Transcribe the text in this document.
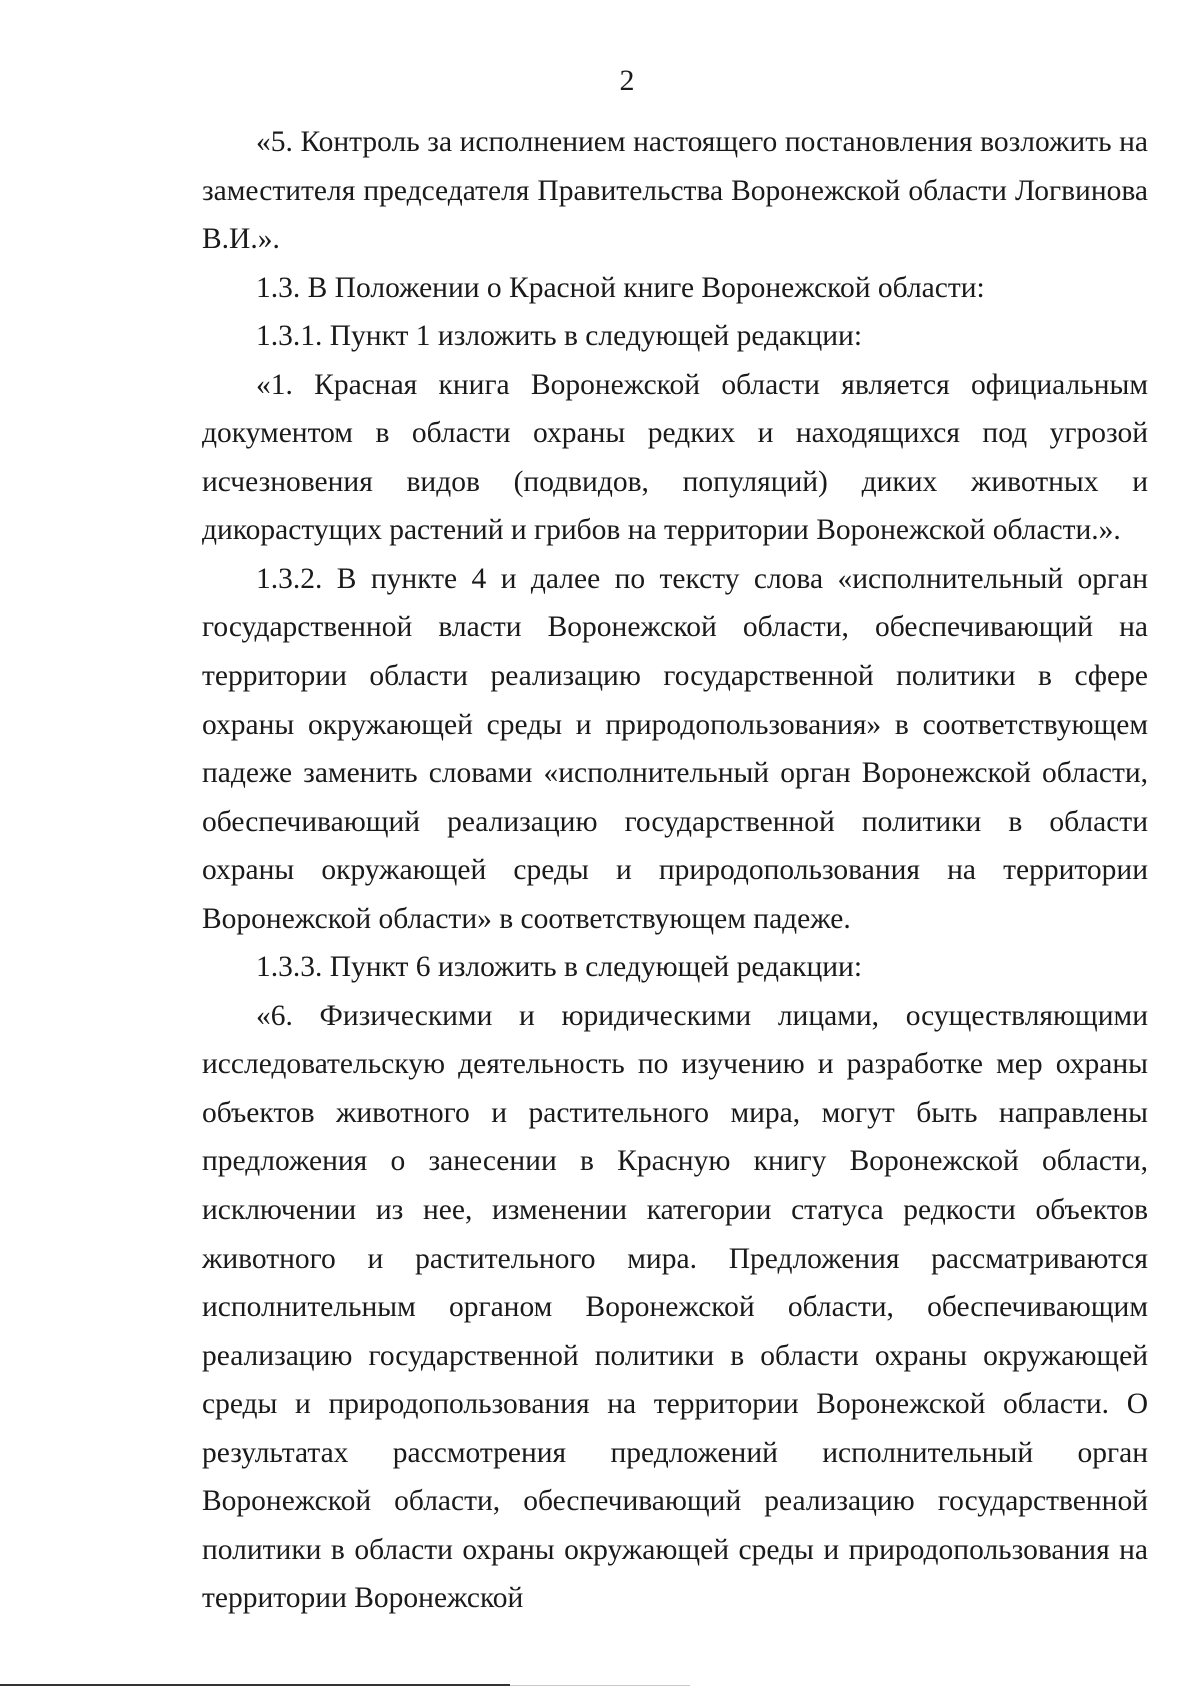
2

«5. Контроль за исполнением настоящего постановления возложить на заместителя председателя Правительства Воронежской области Логвинова В.И.».

1.3. В Положении о Красной книге Воронежской области:

1.3.1. Пункт 1 изложить в следующей редакции:

«1. Красная книга Воронежской области является официальным документом в области охраны редких и находящихся под угрозой исчезновения видов (подвидов, популяций) диких животных и дикорастущих растений и грибов на территории Воронежской области.».

1.3.2. В пункте 4 и далее по тексту слова «исполнительный орган государственной власти Воронежской области, обеспечивающий на территории области реализацию государственной политики в сфере охраны окружающей среды и природопользования» в соответствующем падеже заменить словами «исполнительный орган Воронежской области, обеспечивающий реализацию государственной политики в области охраны окружающей среды и природопользования на территории Воронежской области» в соответствующем падеже.

1.3.3. Пункт 6 изложить в следующей редакции:

«6. Физическими и юридическими лицами, осуществляющими исследовательскую деятельность по изучению и разработке мер охраны объектов животного и растительного мира, могут быть направлены предложения о занесении в Красную книгу Воронежской области, исключении из нее, изменении категории статуса редкости объектов животного и растительного мира. Предложения рассматриваются исполнительным органом Воронежской области, обеспечивающим реализацию государственной политики в области охраны окружающей среды и природопользования на территории Воронежской области. О результатах рассмотрения предложений исполнительный орган Воронежской области, обеспечивающий реализацию государственной политики в области охраны окружающей среды и природопользования на территории Воронежской
